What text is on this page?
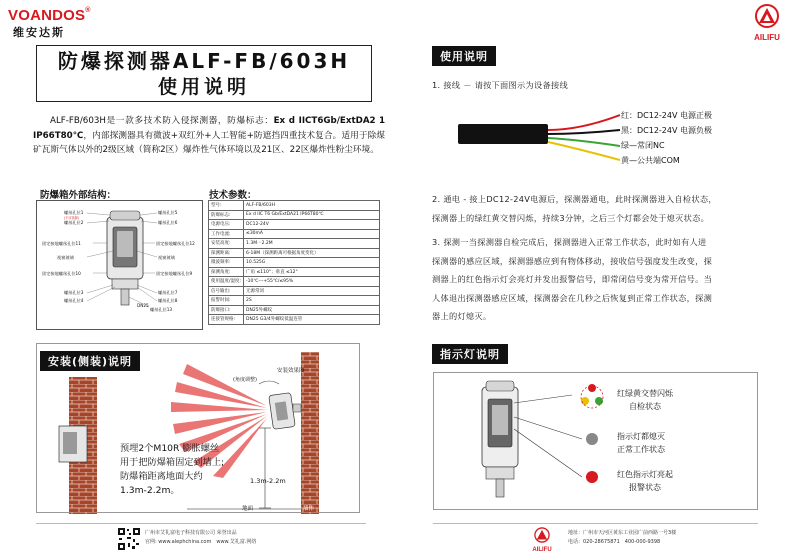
VOANDOS®
维安达斯	AILIFU
防爆探测器ALF-FB/603H
使用说明
ALF-FB/603H是一款多技术防入侵探测器，防爆标志：Ex d IICT6Gb/ExtDA2 1 IP66T80℃，内部探测器具有微波+双红外+人工智能+防遮挡四重技术复合。适用于除煤矿瓦斯气体以外的2级区域（简称2区）爆炸性气体环境以及21区、22区爆炸性粉尘环境。
防爆箱外部结构：
螺丝孔位1
(不可拆卸)
螺丝孔位2
固定接地螺丝孔位11
视窗玻璃
固定接地螺丝孔位10
螺丝孔位3
螺丝孔位4
螺丝孔位5
螺丝孔位6
固定接地螺丝孔位12
视窗玻璃
固定接地螺丝孔位9
螺丝孔位7
螺丝孔位8
DN25
螺丝孔位13
技术参数：
型号:	ALF-FB/603H
防爆标志:	Ex d IIC T6 Gb/ExtDA21 IP66T80℃
电源电压:	DC12-24V
工作电流:	≤30mA
安装高度:	1.3M一2.2M
探测距离:	6-18M（探测距离可根据角度变化）
微波频率:	10.525G
探测角度:	广角 ≤110°；垂直 ≤12°
使用温度/湿度:	-10℃---+55℃/≤95%
信号输出:	无源常闭
报警时间:	2S
防爆接口:	DN25外螺纹
连接管规格:	DN25 G3/4外螺纹低温连管
安装(侧装)说明
安装效果图
(角度调整)
1.3m-2.2m
地面	墙体
预埋2个M10R 膨胀螺丝
用于把防爆箱固定到墙上;
防爆箱距离地面大约
1.3m-2.2m。
使用说明
1. 接线 － 请按下面图示为设备接线
红：DC12-24V 电源正极
黑：DC12-24V 电源负极
绿—常闭NC
黄—公共端COM
2. 通电 - 接上DC12-24V电源后，探测器通电，此时探测器进入自检状态，
探测器上的绿红黄交替闪烁，持续3分钟，之后三个灯都会处于熄灭状态。
3. 探测一当探测器自检完成后，探测器进入正常工作状态，此时如有人进
探测器的感应区域，探测器感应到有物体移动，接收信号强度发生改变，探
测器上的红色指示灯会亮灯并发出报警信号，即常闭信号变为常开信号。当
人体退出探测器感应区域，探测器会在几秒之后恢复到正常工作状态，探测
器上的灯熄灭。
指示灯说明
红绿黄交替闪烁
自检状态
指示灯都熄灭
正常工作状态
红色指示灯亮起
报警状态
广州市艾礼富电子科技有限公司 荣誉出品
官网: www.alephchina.com　 www.艾礼富.网络
AILIFU
地址：广州市天河区黄东工业园广前西路一号3楼
电话：020-28675871　400-000-9398
